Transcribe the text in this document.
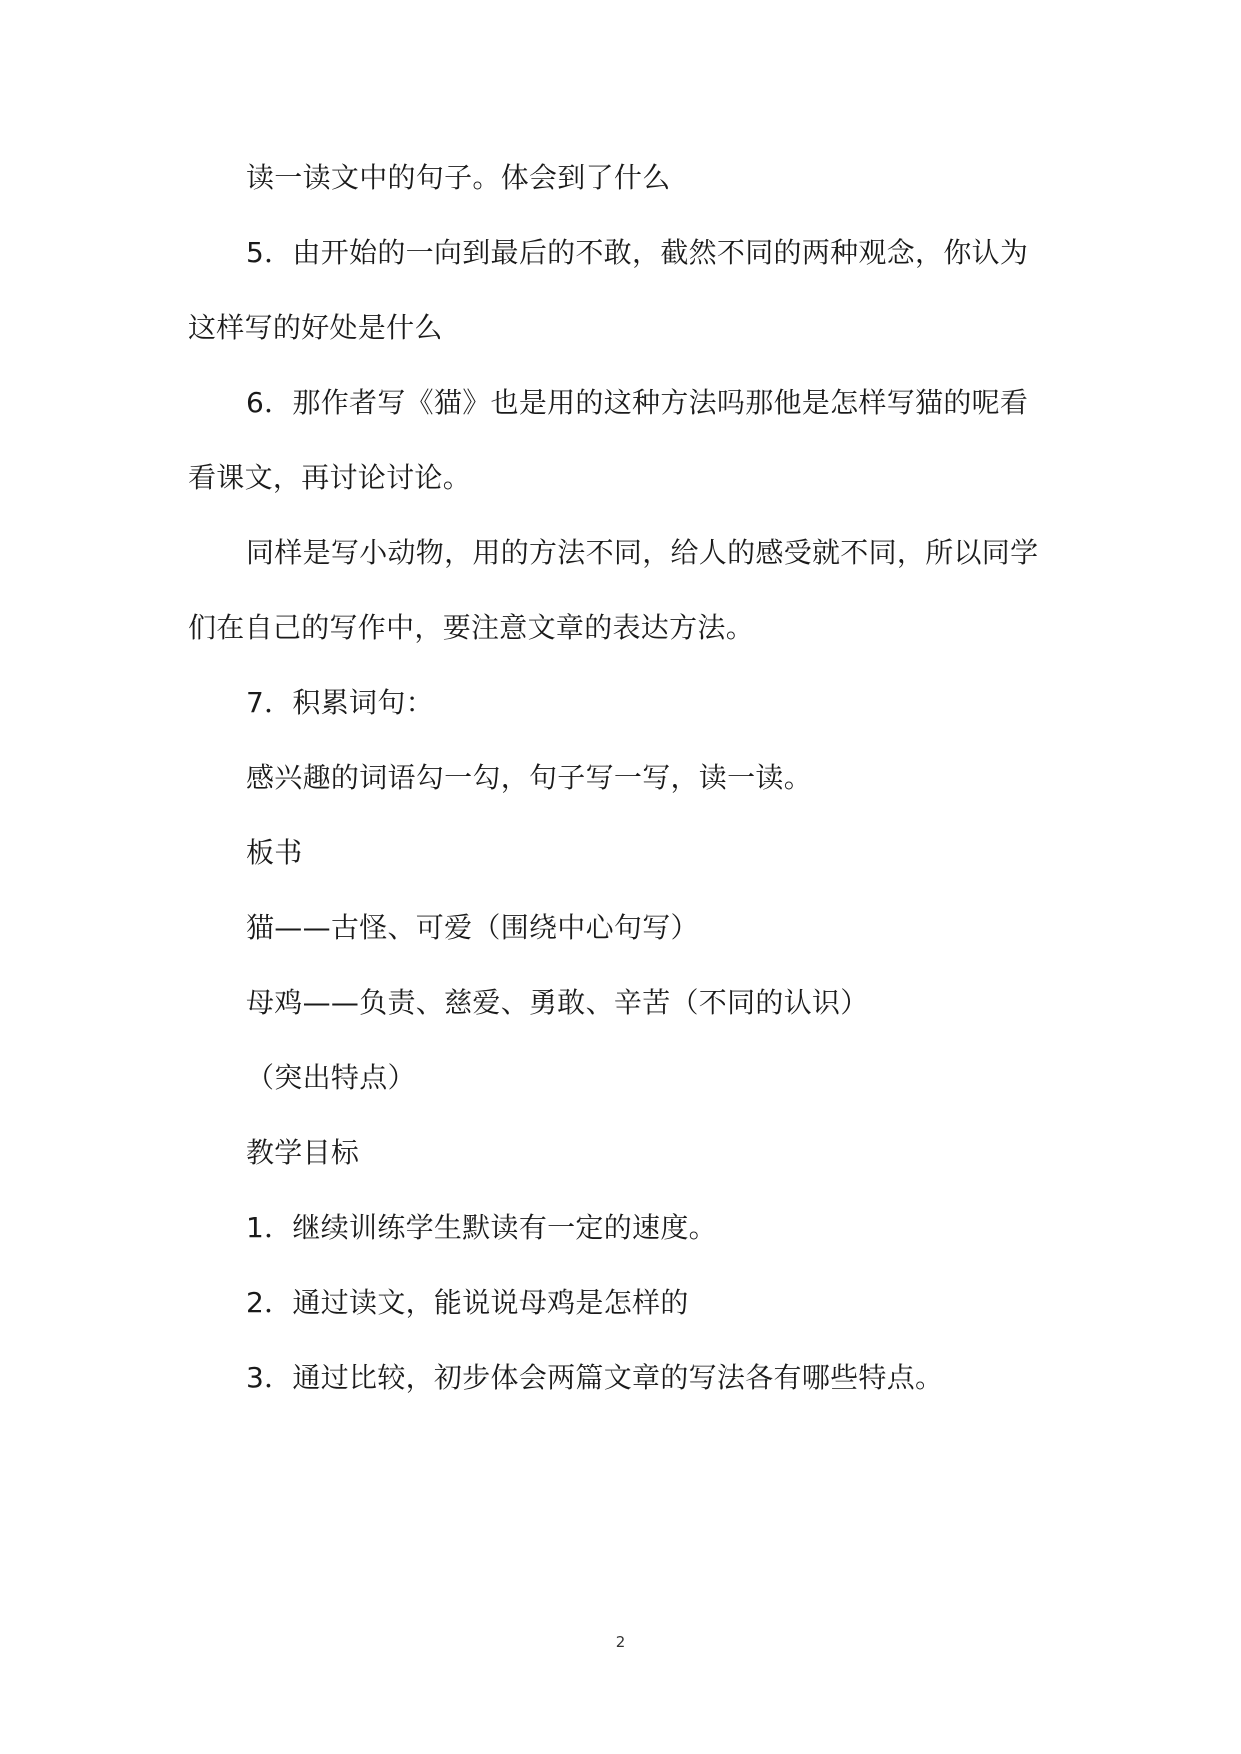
读一读文中的句子。体会到了什么

5．由开始的一向到最后的不敢，截然不同的两种观念，你认为

这样写的好处是什么

6．那作者写《猫》也是用的这种方法吗那他是怎样写猫的呢看

看课文，再讨论讨论。

同样是写小动物，用的方法不同，给人的感受就不同，所以同学

们在自己的写作中，要注意文章的表达方法。

7．积累词句：

感兴趣的词语勾一勾，句子写一写，读一读。

板书

猫——古怪、可爱（围绕中心句写）

母鸡——负责、慈爱、勇敢、辛苦（不同的认识）

（突出特点）

教学目标

1．继续训练学生默读有一定的速度。

2．通过读文，能说说母鸡是怎样的

3．通过比较，初步体会两篇文章的写法各有哪些特点。

2
